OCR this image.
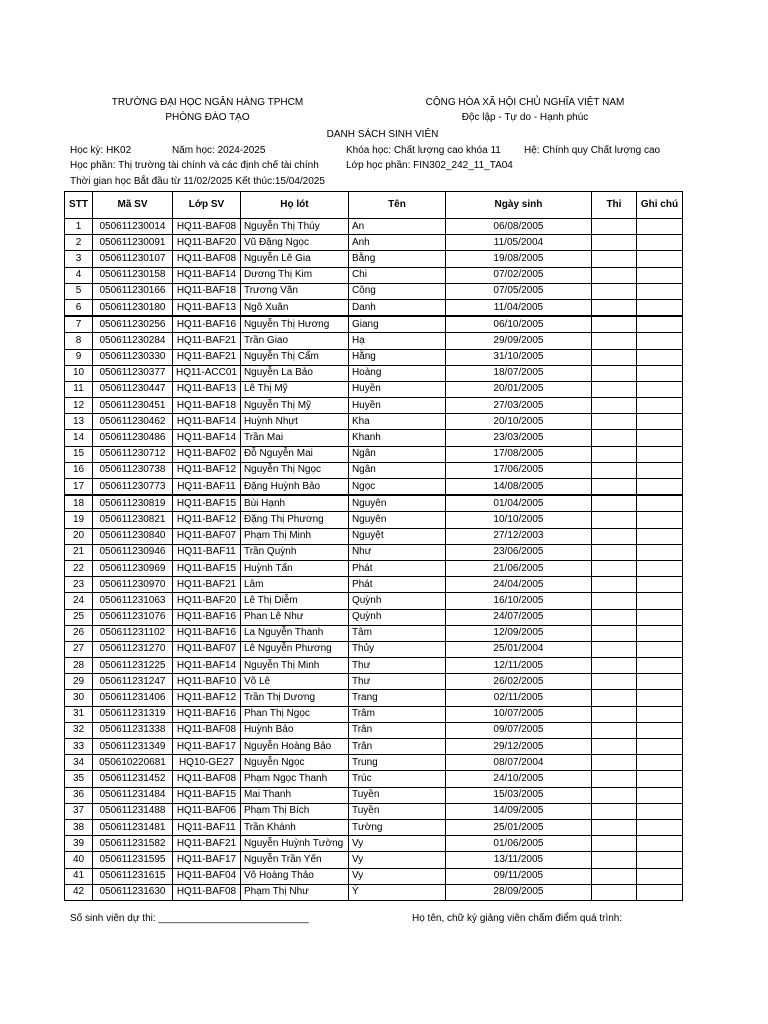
TRƯỜNG ĐẠI HỌC NGÂN HÀNG TPHCM
PHÒNG ĐÀO TẠO
CỘNG HÒA XÃ HỘI CHỦ NGHĨA VIỆT NAM
Độc lập - Tự do - Hạnh phúc
DANH SÁCH SINH VIÊN
Học kỳ: HK02	Năm học: 2024-2025	Khóa học: Chất lượng cao khóa 11 Hệ: Chính quy Chất lượng cao
Học phần: Thị trường tài chính và các định chế tài chính	Lớp học phần: FIN302_242_11_TA04
Thời gian học Bắt đầu từ 11/02/2025 Kết thúc:15/04/2025
STT	Mã SV	Lớp SV	Họ lót	Tên	Ngày sinh	Thi	Ghi chú
1	050611230014	HQ11-BAF08	Nguyễn Thị Thúy	An	06/08/2005		
2	050611230091	HQ11-BAF20	Vũ Đặng Ngọc	Anh	11/05/2004		
3	050611230107	HQ11-BAF08	Nguyễn Lê Gia	Bằng	19/08/2005		
4	050611230158	HQ11-BAF14	Dương Thị Kim	Chi	07/02/2005		
5	050611230166	HQ11-BAF18	Trương Văn	Công	07/05/2005		
6	050611230180	HQ11-BAF13	Ngô Xuân	Danh	11/04/2005		
7	050611230256	HQ11-BAF16	Nguyễn Thị Hương	Giang	06/10/2005		
8	050611230284	HQ11-BAF21	Trần Giao	Hạ	29/09/2005		
9	050611230330	HQ11-BAF21	Nguyễn Thị Cẩm	Hằng	31/10/2005		
10	050611230377	HQ11-ACC01	Nguyễn La Bảo	Hoàng	18/07/2005		
11	050611230447	HQ11-BAF13	Lê Thị Mỹ	Huyền	20/01/2005		
12	050611230451	HQ11-BAF18	Nguyễn Thị Mỹ	Huyền	27/03/2005		
13	050611230462	HQ11-BAF14	Huỳnh Nhựt	Kha	20/10/2005		
14	050611230486	HQ11-BAF14	Trần Mai	Khanh	23/03/2005		
15	050611230712	HQ11-BAF02	Đỗ Nguyễn Mai	Ngân	17/08/2005		
16	050611230738	HQ11-BAF12	Nguyễn Thị Ngọc	Ngân	17/06/2005		
17	050611230773	HQ11-BAF11	Đặng Huỳnh Bảo	Ngọc	14/08/2005		
18	050611230819	HQ11-BAF15	Bùi Hạnh	Nguyên	01/04/2005		
19	050611230821	HQ11-BAF12	Đặng Thị Phương	Nguyên	10/10/2005		
20	050611230840	HQ11-BAF07	Phạm Thị Minh	Nguyệt	27/12/2003		
21	050611230946	HQ11-BAF11	Trần Quỳnh	Như	23/06/2005		
22	050611230969	HQ11-BAF15	Huỳnh Tấn	Phát	21/06/2005		
23	050611230970	HQ11-BAF21	Lâm	Phát	24/04/2005		
24	050611231063	HQ11-BAF20	Lê Thị Diễm	Quỳnh	16/10/2005		
25	050611231076	HQ11-BAF16	Phan Lê Như	Quỳnh	24/07/2005		
26	050611231102	HQ11-BAF16	La Nguyễn Thanh	Tâm	12/09/2005		
27	050611231270	HQ11-BAF07	Lê Nguyễn Phương	Thủy	25/01/2004		
28	050611231225	HQ11-BAF14	Nguyễn Thị Minh	Thư	12/11/2005		
29	050611231247	HQ11-BAF10	Võ Lê	Thư	26/02/2005		
30	050611231406	HQ11-BAF12	Trần Thị Dương	Trang	02/11/2005		
31	050611231319	HQ11-BAF16	Phan Thị Ngọc	Trâm	10/07/2005		
32	050611231338	HQ11-BAF08	Huỳnh Bảo	Trân	09/07/2005		
33	050611231349	HQ11-BAF17	Nguyễn Hoàng Bảo	Trân	29/12/2005		
34	050610220681	HQ10-GE27	Nguyễn Ngọc	Trung	08/07/2004		
35	050611231452	HQ11-BAF08	Phạm Ngọc Thanh	Trúc	24/10/2005		
36	050611231484	HQ11-BAF15	Mai Thanh	Tuyền	15/03/2005		
37	050611231488	HQ11-BAF06	Phạm Thị Bích	Tuyền	14/09/2005		
38	050611231481	HQ11-BAF11	Trần Khánh	Tường	25/01/2005		
39	050611231582	HQ11-BAF21	Nguyễn Huỳnh Tường	Vy	01/06/2005		
40	050611231595	HQ11-BAF17	Nguyễn Trần Yến	Vy	13/11/2005		
41	050611231615	HQ11-BAF04	Võ Hoàng Thảo	Vy	09/11/2005		
42	050611231630	HQ11-BAF08	Phạm Thị Như	Ý	28/09/2005		
Số sinh viên dự thi: ___________________________	Họ tên, chữ ký giảng viên chấm điểm quá trình:
